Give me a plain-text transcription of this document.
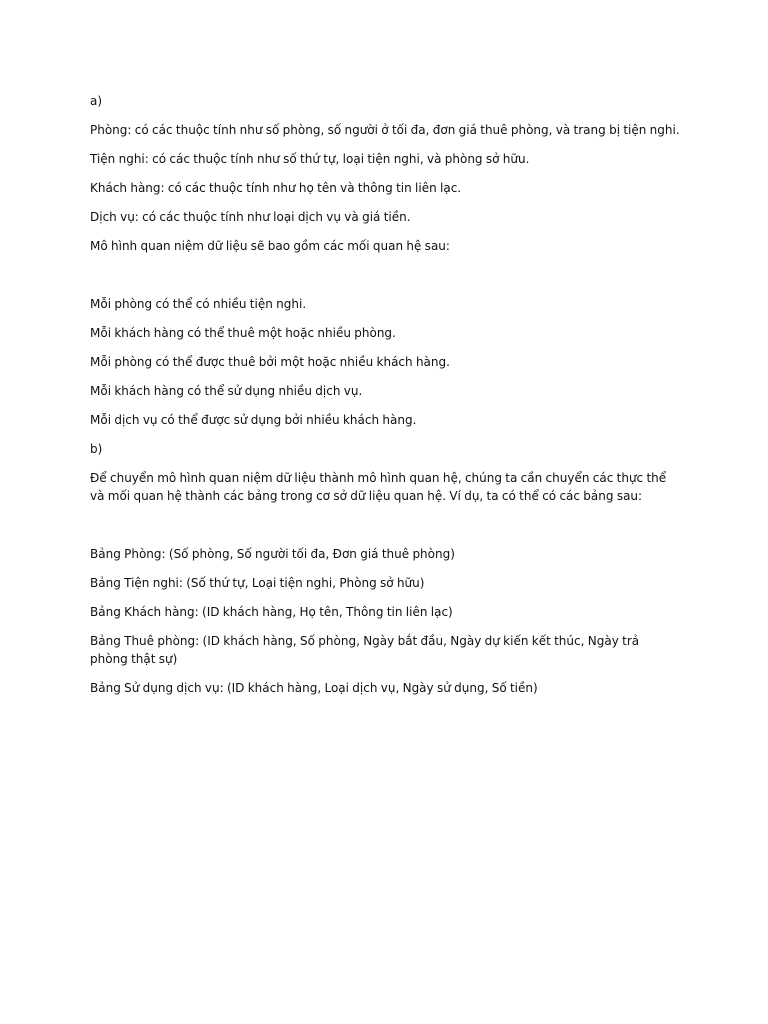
a)

Phòng: có các thuộc tính như số phòng, số người ở tối đa, đơn giá thuê phòng, và trang bị tiện nghi.

Tiện nghi: có các thuộc tính như số thứ tự, loại tiện nghi, và phòng sở hữu.

Khách hàng: có các thuộc tính như họ tên và thông tin liên lạc.

Dịch vụ: có các thuộc tính như loại dịch vụ và giá tiền.

Mô hình quan niệm dữ liệu sẽ bao gồm các mối quan hệ sau:

Mỗi phòng có thể có nhiều tiện nghi.

Mỗi khách hàng có thể thuê một hoặc nhiều phòng.

Mỗi phòng có thể được thuê bởi một hoặc nhiều khách hàng.

Mỗi khách hàng có thể sử dụng nhiều dịch vụ.

Mỗi dịch vụ có thể được sử dụng bởi nhiều khách hàng.

b)

Để chuyển mô hình quan niệm dữ liệu thành mô hình quan hệ, chúng ta cần chuyển các thực thể và mối quan hệ thành các bảng trong cơ sở dữ liệu quan hệ. Ví dụ, ta có thể có các bảng sau:

Bảng Phòng: (Số phòng, Số người tối đa, Đơn giá thuê phòng)

Bảng Tiện nghi: (Số thứ tự, Loại tiện nghi, Phòng sở hữu)

Bảng Khách hàng: (ID khách hàng, Họ tên, Thông tin liên lạc)

Bảng Thuê phòng: (ID khách hàng, Số phòng, Ngày bắt đầu, Ngày dự kiến kết thúc, Ngày trả phòng thật sự)

Bảng Sử dụng dịch vụ: (ID khách hàng, Loại dịch vụ, Ngày sử dụng, Số tiền)
